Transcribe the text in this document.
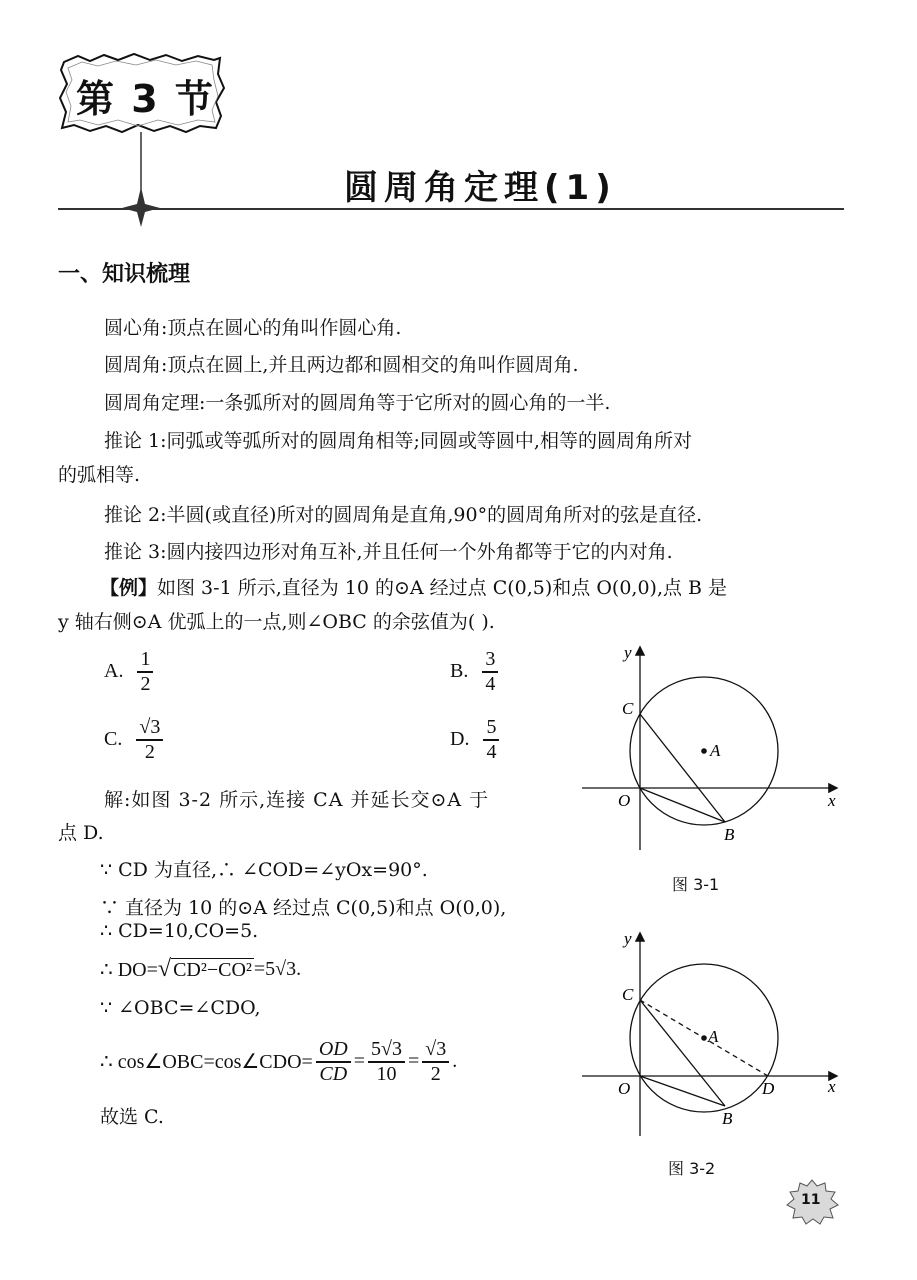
第 3 节
圆周角定理(1)
一、知识梳理
圆心角:顶点在圆心的角叫作圆心角.
圆周角:顶点在圆上,并且两边都和圆相交的角叫作圆周角.
圆周角定理:一条弧所对的圆周角等于它所对的圆心角的一半.
推论 1:同弧或等弧所对的圆周角相等;同圆或等圆中,相等的圆周角所对
的弧相等.
推论 2:半圆(或直径)所对的圆周角是直角,90°的圆周角所对的弦是直径.
推论 3:圆内接四边形对角互补,并且任何一个外角都等于它的内对角.
【例】如图 3-1 所示,直径为 10 的⊙A 经过点 C(0,5)和点 O(0,0),点 B 是
y 轴右侧⊙A 优弧上的一点,则∠OBC 的余弦值为( ).
A. $\frac{1}{2}$	B. $\frac{3}{4}$
C. $\frac{√3}{2}$	D. $\frac{5}{4}$
解:如图 3-2 所示,连接 CA 并延长交⊙A 于
点 D.
∵ CD 为直径,∴ ∠COD=∠yOx=90°.
∵ 直径为 10 的⊙A 经过点 C(0,5)和点 O(0,0),
∴ CD=10,CO=5.
∴ DO= √ CD²−CO² =5√3.
∵ ∠OBC=∠CDO,
∴ cos∠OBC=cos∠CDO= $\frac{OD}{CD} = \frac{5√3}{10} = \frac{√3}{2}$ .
故选 C.
y
x
O
C
A
B
图 3-1
y
x
O
C
A
B
D
图 3-2
11
